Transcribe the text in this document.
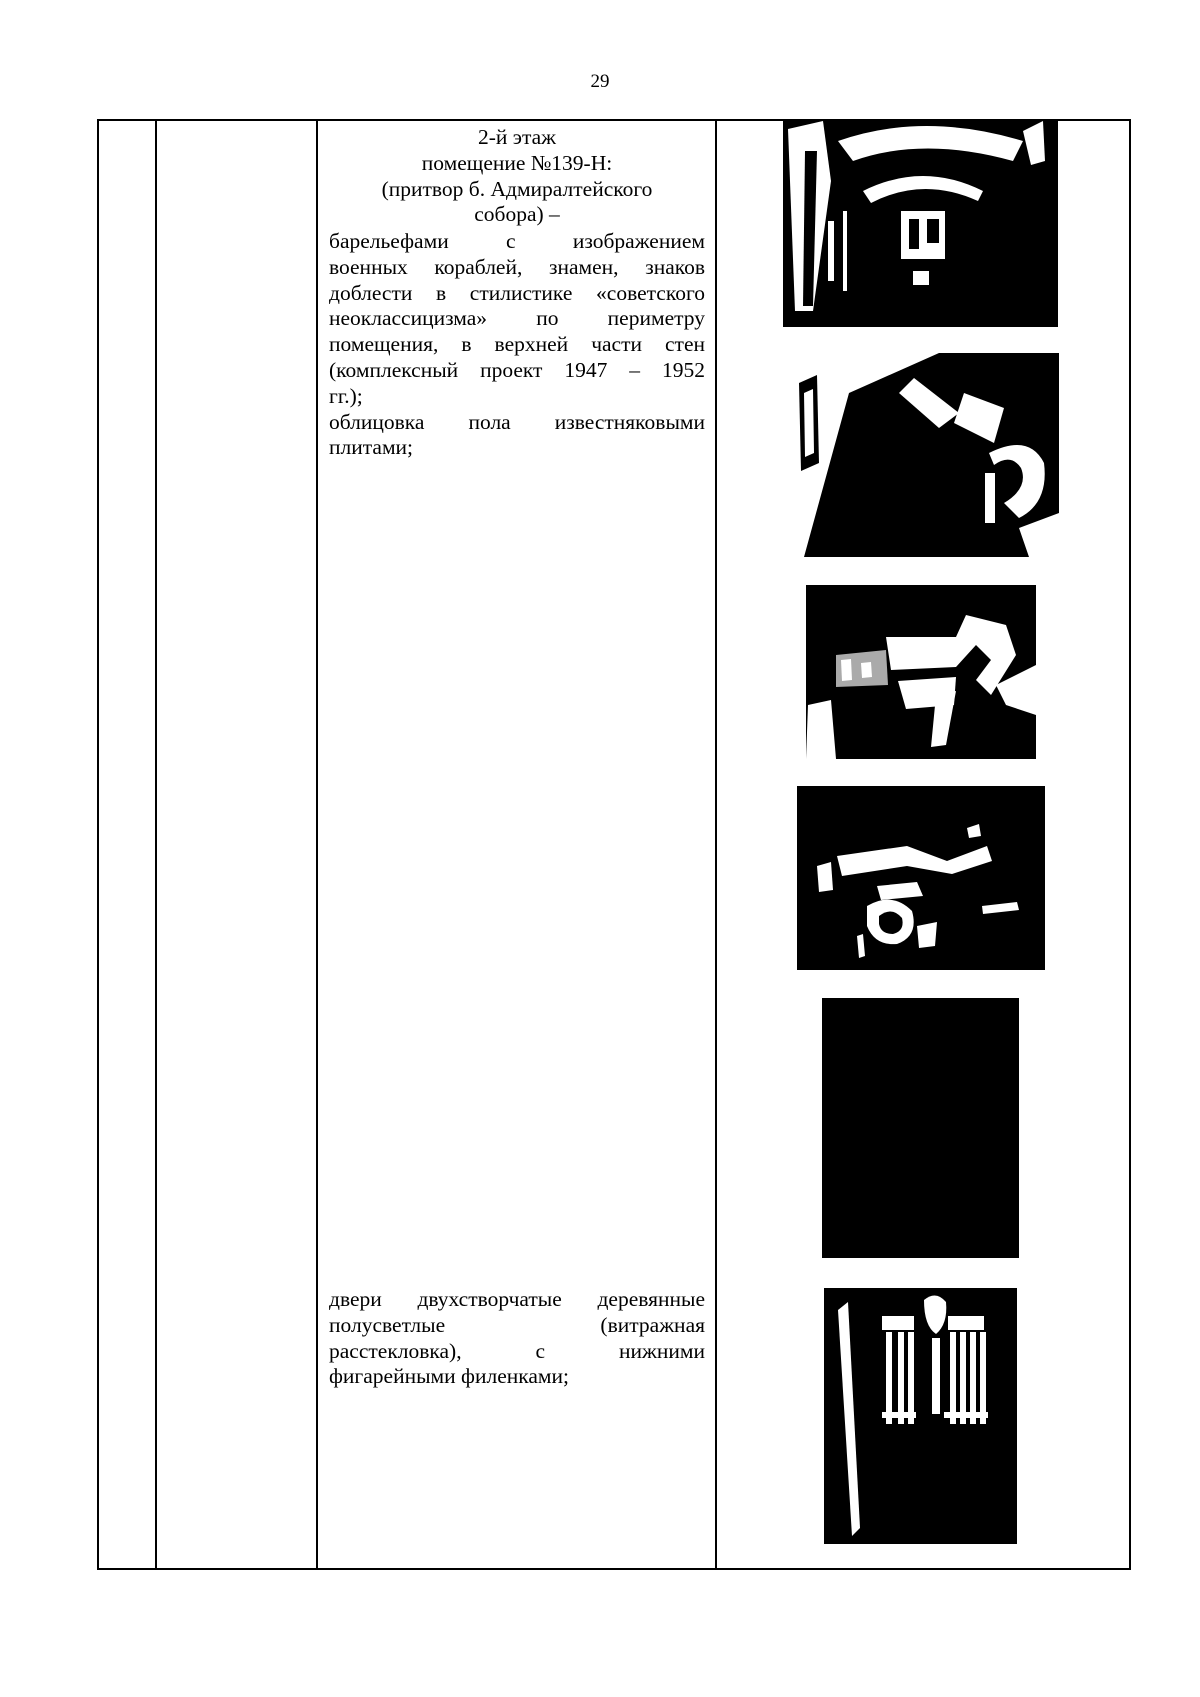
29

2-й этаж
помещение №139-Н:
(притвор б. Адмиралтейского
собора) –
барельефами с изображением
военных кораблей, знамен, знаков
доблести в стилистике «советского
неоклассицизма» по периметру
помещения, в верхней части стен
(комплексный проект 1947 – 1952
гг.);
облицовка пола известняковыми
плитами;
двери двухстворчатые деревянные
полусветлые (витражная
расстекловка), с нижними
фигарейными филенками;
